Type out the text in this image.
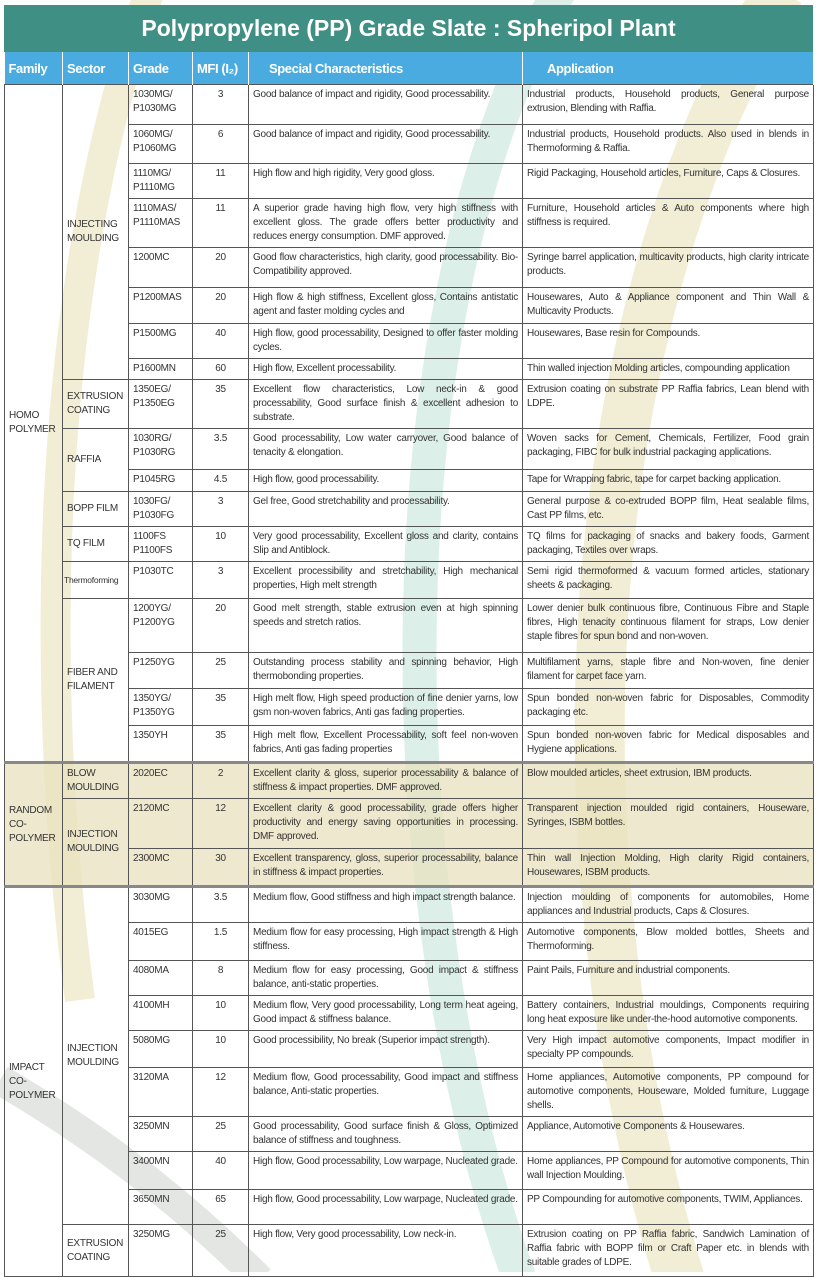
Polypropylene (PP) Grade Slate : Spheripol Plant
Family	Sector	Grade	MFI (I₂)	Special Characteristics	Application
HOMO POLYMER	INJECTING MOULDING	1030MG/ P1030MG	3	Good balance of impact and rigidity, Good processability.	Industrial products, Household products, General purpose extrusion, Blending with Raffia.
		1060MG/ P1060MG	6	Good balance of impact and rigidity, Good processability.	Industrial products, Household products. Also used in blends in Thermoforming & Raffia.
		1110MG/ P1110MG	11	High flow and high rigidity, Very good gloss.	Rigid Packaging, Household articles, Furniture, Caps & Closures.
		1110MAS/ P1110MAS	11	A superior grade having high flow, very high stiffness with excellent gloss. The grade offers better productivity and reduces energy consumption. DMF approved.	Furniture, Household articles & Auto components where high stiffness is required.
		1200MC	20	Good flow characteristics, high clarity, good processability. Bio-Compatibility approved.	Syringe barrel application, multicavity products, high clarity intricate products.
		P1200MAS	20	High flow & high stiffness, Excellent gloss, Contains antistatic agent and faster molding cycles and	Housewares, Auto & Appliance component and Thin Wall & Multicavity Products.
		P1500MG	40	High flow, good processability, Designed to offer faster molding cycles.	Housewares, Base resin for Compounds.
		P1600MN	60	High flow, Excellent processability.	Thin walled injection Molding articles, compounding application
	EXTRUSION COATING	1350EG/ P1350EG	35	Excellent flow characteristics, Low neck-in & good processability, Good surface finish & excellent adhesion to substrate.	Extrusion coating on substrate PP Raffia fabrics, Lean blend with LDPE.
	RAFFIA	1030RG/ P1030RG	3.5	Good processability, Low water carryover, Good balance of tenacity & elongation.	Woven sacks for Cement, Chemicals, Fertilizer, Food grain packaging, FIBC for bulk industrial packaging applications.
		P1045RG	4.5	High flow, good processability.	Tape for Wrapping fabric, tape for carpet backing application.
	BOPP FILM	1030FG/ P1030FG	3	Gel free, Good stretchability and processability.	General purpose & co-extruded BOPP film, Heat sealable films, Cast PP films, etc.
	TQ FILM	1100FS P1100FS	10	Very good processability, Excellent gloss and clarity, contains Slip and Antiblock.	TQ films for packaging of snacks and bakery foods, Garment packaging, Textiles over wraps.
	Thermoforming	P1030TC	3	Excellent processibility and stretchability, High mechanical properties, High melt strength	Semi rigid thermoformed & vacuum formed articles, stationary sheets & packaging.
	FIBER AND FILAMENT	1200YG/ P1200YG	20	Good melt strength, stable extrusion even at high spinning speeds and stretch ratios.	Lower denier bulk continuous fibre, Continuous Fibre and Staple fibres, High tenacity continuous filament for straps, Low denier staple fibres for spun bond and non-woven.
		P1250YG	25	Outstanding process stability and spinning behavior, High thermobonding properties.	Multifilament yarns, staple fibre and Non-woven, fine denier filament for carpet face yarn.
		1350YG/ P1350YG	35	High melt flow, High speed production of fine denier yarns, low gsm non-woven fabrics, Anti gas fading properties.	Spun bonded non-woven fabric for Disposables, Commodity packaging etc.
		1350YH	35	High melt flow, Excellent Processability, soft feel non-woven fabrics, Anti gas fading properties	Spun bonded non-woven fabric for Medical disposables and Hygiene applications.
RANDOM CO-POLYMER	BLOW MOULDING	2020EC	2	Excellent clarity & gloss, superior processability & balance of stiffness & impact properties. DMF approved.	Blow moulded articles, sheet extrusion, IBM products.
	INJECTION MOULDING	2120MC	12	Excellent clarity & good processability, grade offers higher productivity and energy saving opportunities in processing. DMF approved.	Transparent injection moulded rigid containers, Houseware, Syringes, ISBM bottles.
		2300MC	30	Excellent transparency, gloss, superior processability, balance in stiffness & impact properties.	Thin wall Injection Molding, High clarity Rigid containers, Housewares, ISBM products.
IMPACT CO-POLYMER	INJECTION MOULDING	3030MG	3.5	Medium flow, Good stiffness and high impact strength balance.	Injection moulding of components for automobiles, Home appliances and Industrial products, Caps & Closures.
		4015EG	1.5	Medium flow for easy processing, High impact strength & High stiffness.	Automotive components, Blow molded bottles, Sheets and Thermoforming.
		4080MA	8	Medium flow for easy processing, Good impact & stiffness balance, anti-static properties.	Paint Pails, Furniture and industrial components.
		4100MH	10	Medium flow, Very good processability, Long term heat ageing, Good impact & stiffness balance.	Battery containers, Industrial mouldings, Components requiring long heat exposure like under-the-hood automotive components.
		5080MG	10	Good processibility, No break (Superior impact strength).	Very High impact automotive components, Impact modifier in specialty PP compounds.
		3120MA	12	Medium flow, Good processability, Good impact and stiffness balance, Anti-static properties.	Home appliances, Automotive components, PP compound for automotive components, Houseware, Molded furniture, Luggage shells.
		3250MN	25	Good processability, Good surface finish & Gloss, Optimized balance of stiffness and toughness.	Appliance, Automotive Components & Housewares.
		3400MN	40	High flow, Good processability, Low warpage, Nucleated grade.	Home appliances, PP Compound for automotive components, Thin wall Injection Moulding.
		3650MN	65	High flow, Good processability, Low warpage, Nucleated grade.	PP Compounding for automotive components, TWIM, Appliances.
	EXTRUSION COATING	3250MG	25	High flow, Very good processability, Low neck-in.	Extrusion coating on PP Raffia fabric, Sandwich Lamination of Raffia fabric with BOPP film or Craft Paper etc. in blends with suitable grades of LDPE.
